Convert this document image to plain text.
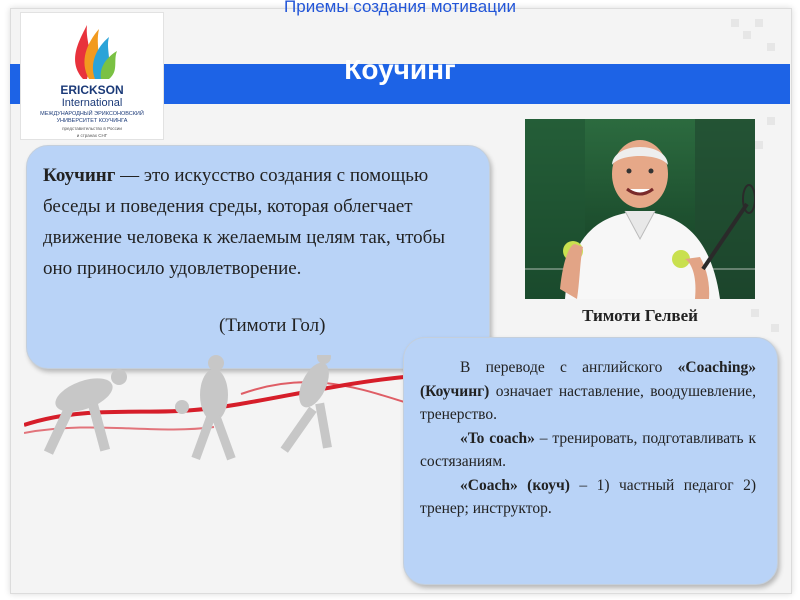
Приемы создания мотивации
Коучинг
ERICKSON
International
МЕЖДУНАРОДНЫЙ ЭРИКСОНОВСКИЙ
УНИВЕРСИТЕТ КОУЧИНГА
представительство в России
и странах СНГ
Коучинг — это искусство создания с помощью беседы и поведения среды, которая облегчает движение человека к желаемым целям так, чтобы оно приносило удовлетворение.
(Тимоти Гол)	Тимоти Гелвей

В переводе с английского «Coaching» (Коучинг) означает наставление, воодушевление, тренерство.

«To coach» – тренировать, подготавливать к состязаниям.

«Coach» (коуч) – 1) частный педагог 2) тренер; инструктор.
